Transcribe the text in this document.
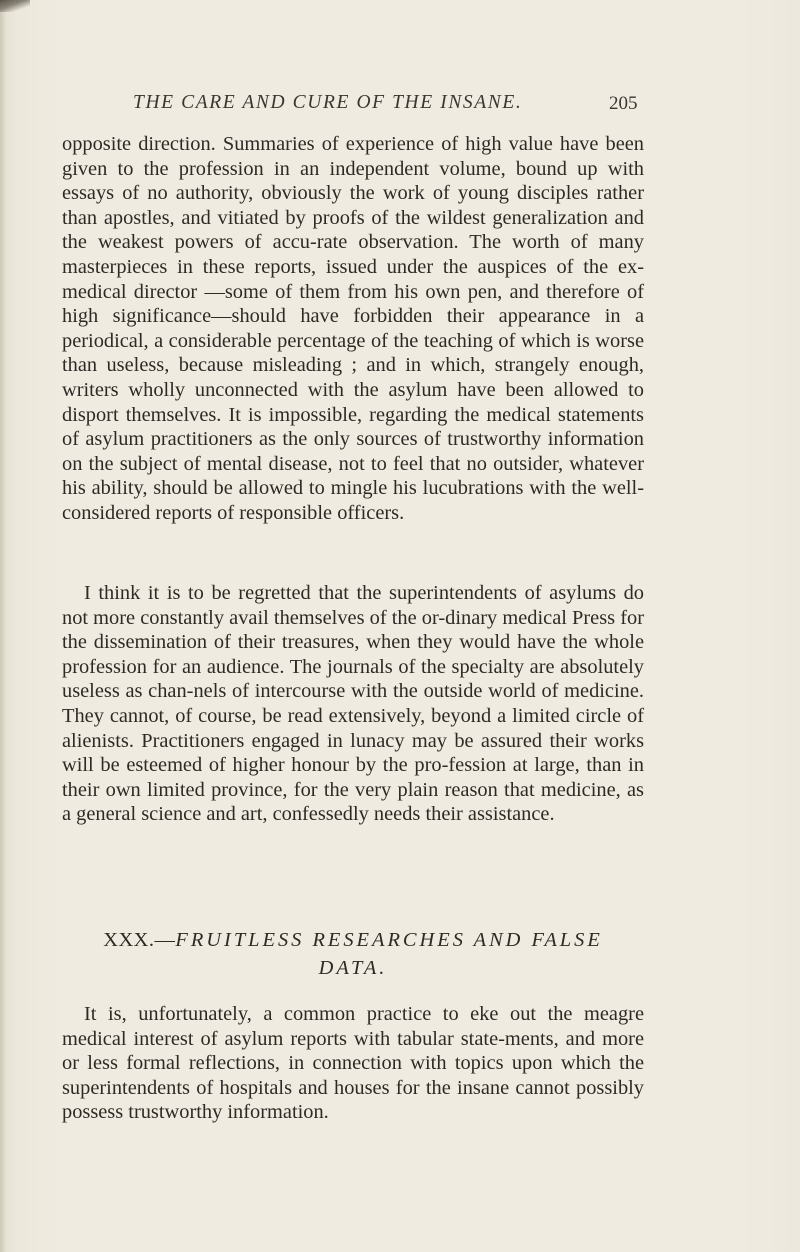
THE CARE AND CURE OF THE INSANE.	205

opposite direction. Summaries of experience of high value have been given to the profession in an independent volume, bound up with essays of no authority, obviously the work of young disciples rather than apostles, and vitiated by proofs of the wildest generalization and the weakest powers of accu-rate observation. The worth of many masterpieces in these reports, issued under the auspices of the ex-medical director —some of them from his own pen, and therefore of high significance—should have forbidden their appearance in a periodical, a considerable percentage of the teaching of which is worse than useless, because misleading ; and in which, strangely enough, writers wholly unconnected with the asylum have been allowed to disport themselves. It is impossible, regarding the medical statements of asylum practitioners as the only sources of trustworthy information on the subject of mental disease, not to feel that no outsider, whatever his ability, should be allowed to mingle his lucubrations with the well-considered reports of responsible officers.

I think it is to be regretted that the superintendents of asylums do not more constantly avail themselves of the or-dinary medical Press for the dissemination of their treasures, when they would have the whole profession for an audience. The journals of the specialty are absolutely useless as chan-nels of intercourse with the outside world of medicine. They cannot, of course, be read extensively, beyond a limited circle of alienists. Practitioners engaged in lunacy may be assured their works will be esteemed of higher honour by the pro-fession at large, than in their own limited province, for the very plain reason that medicine, as a general science and art, confessedly needs their assistance.

XXX.—FRUITLESS RESEARCHES AND FALSE
DATA.

It is, unfortunately, a common practice to eke out the meagre medical interest of asylum reports with tabular state-ments, and more or less formal reflections, in connection with topics upon which the superintendents of hospitals and houses for the insane cannot possibly possess trustworthy information.
